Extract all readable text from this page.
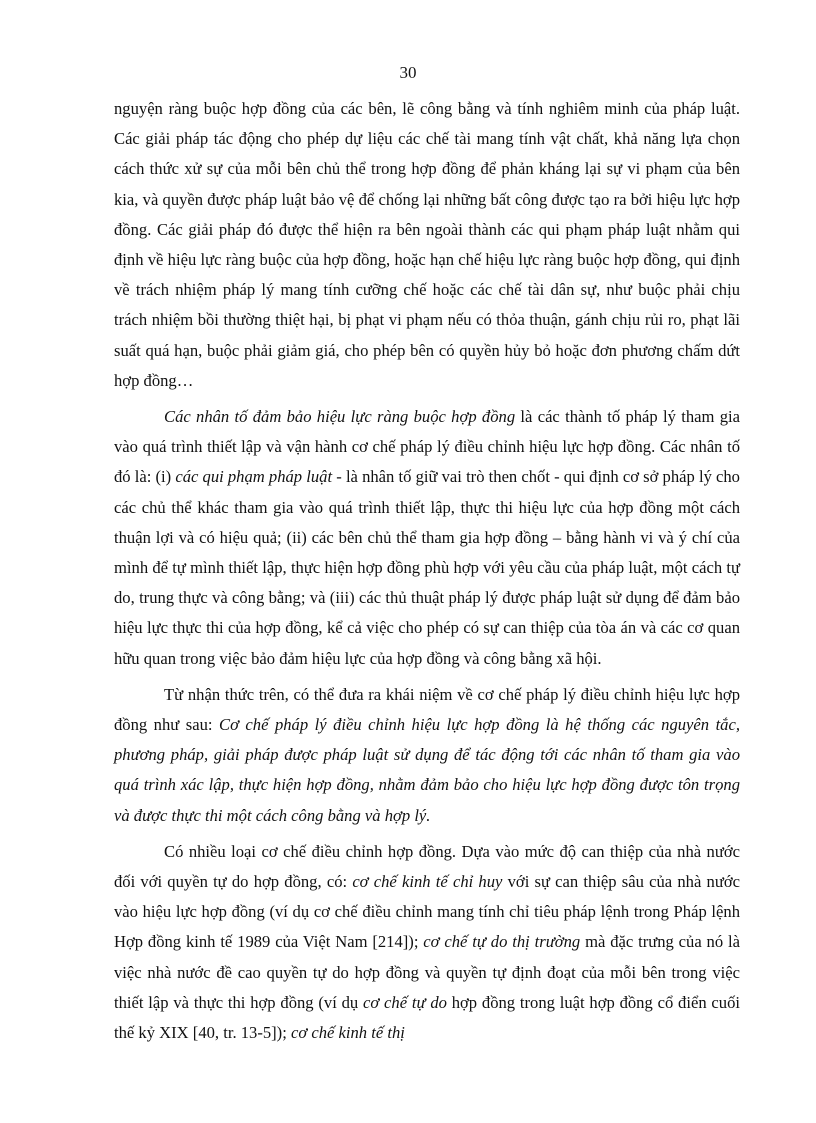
30

nguyện ràng buộc hợp đồng của các bên, lẽ công bằng và tính nghiêm minh của pháp luật. Các giải pháp tác động cho phép dự liệu các chế tài mang tính vật chất, khả năng lựa chọn cách thức xử sự của mỗi bên chủ thể trong hợp đồng để phản kháng lại sự vi phạm của bên kia, và quyền được pháp luật bảo vệ để chống lại những bất công được tạo ra bởi hiệu lực hợp đồng. Các giải pháp đó được thể hiện ra bên ngoài thành các qui phạm pháp luật nhằm qui định về hiệu lực ràng buộc của hợp đồng, hoặc hạn chế hiệu lực ràng buộc hợp đồng, qui định về trách nhiệm pháp lý mang tính cưỡng chế hoặc các chế tài dân sự, như buộc phải chịu trách nhiệm bồi thường thiệt hại, bị phạt vi phạm nếu có thỏa thuận, gánh chịu rủi ro, phạt lãi suất quá hạn, buộc phải giảm giá, cho phép bên có quyền hủy bỏ hoặc đơn phương chấm dứt hợp đồng…

Các nhân tố đảm bảo hiệu lực ràng buộc hợp đồng là các thành tố pháp lý tham gia vào quá trình thiết lập và vận hành cơ chế pháp lý điều chỉnh hiệu lực hợp đồng. Các nhân tố đó là: (i) các qui phạm pháp luật - là nhân tố giữ vai trò then chốt - qui định cơ sở pháp lý cho các chủ thể khác tham gia vào quá trình thiết lập, thực thi hiệu lực của hợp đồng một cách thuận lợi và có hiệu quả; (ii) các bên chủ thể tham gia hợp đồng – bằng hành vi và ý chí của mình để tự mình thiết lập, thực hiện hợp đồng phù hợp với yêu cầu của pháp luật, một cách tự do, trung thực và công bằng; và (iii) các thủ thuật pháp lý được pháp luật sử dụng để đảm bảo hiệu lực thực thi của hợp đồng, kể cả việc cho phép có sự can thiệp của tòa án và các cơ quan hữu quan trong việc bảo đảm hiệu lực của hợp đồng và công bằng xã hội.

Từ nhận thức trên, có thể đưa ra khái niệm về cơ chế pháp lý điều chỉnh hiệu lực hợp đồng như sau: Cơ chế pháp lý điều chỉnh hiệu lực hợp đồng là hệ thống các nguyên tắc, phương pháp, giải pháp được pháp luật sử dụng để tác động tới các nhân tố tham gia vào quá trình xác lập, thực hiện hợp đồng, nhằm đảm bảo cho hiệu lực hợp đồng được tôn trọng và được thực thi một cách công bằng và hợp lý.

Có nhiều loại cơ chế điều chỉnh hợp đồng. Dựa vào mức độ can thiệp của nhà nước đối với quyền tự do hợp đồng, có: cơ chế kinh tế chỉ huy với sự can thiệp sâu của nhà nước vào hiệu lực hợp đồng (ví dụ cơ chế điều chỉnh mang tính chỉ tiêu pháp lệnh trong Pháp lệnh Hợp đồng kinh tế 1989 của Việt Nam [214]); cơ chế tự do thị trường mà đặc trưng của nó là việc nhà nước đề cao quyền tự do hợp đồng và quyền tự định đoạt của mỗi bên trong việc thiết lập và thực thi hợp đồng (ví dụ cơ chế tự do hợp đồng trong luật hợp đồng cổ điển cuối thế kỷ XIX [40, tr. 13-5]); cơ chế kinh tế thị
